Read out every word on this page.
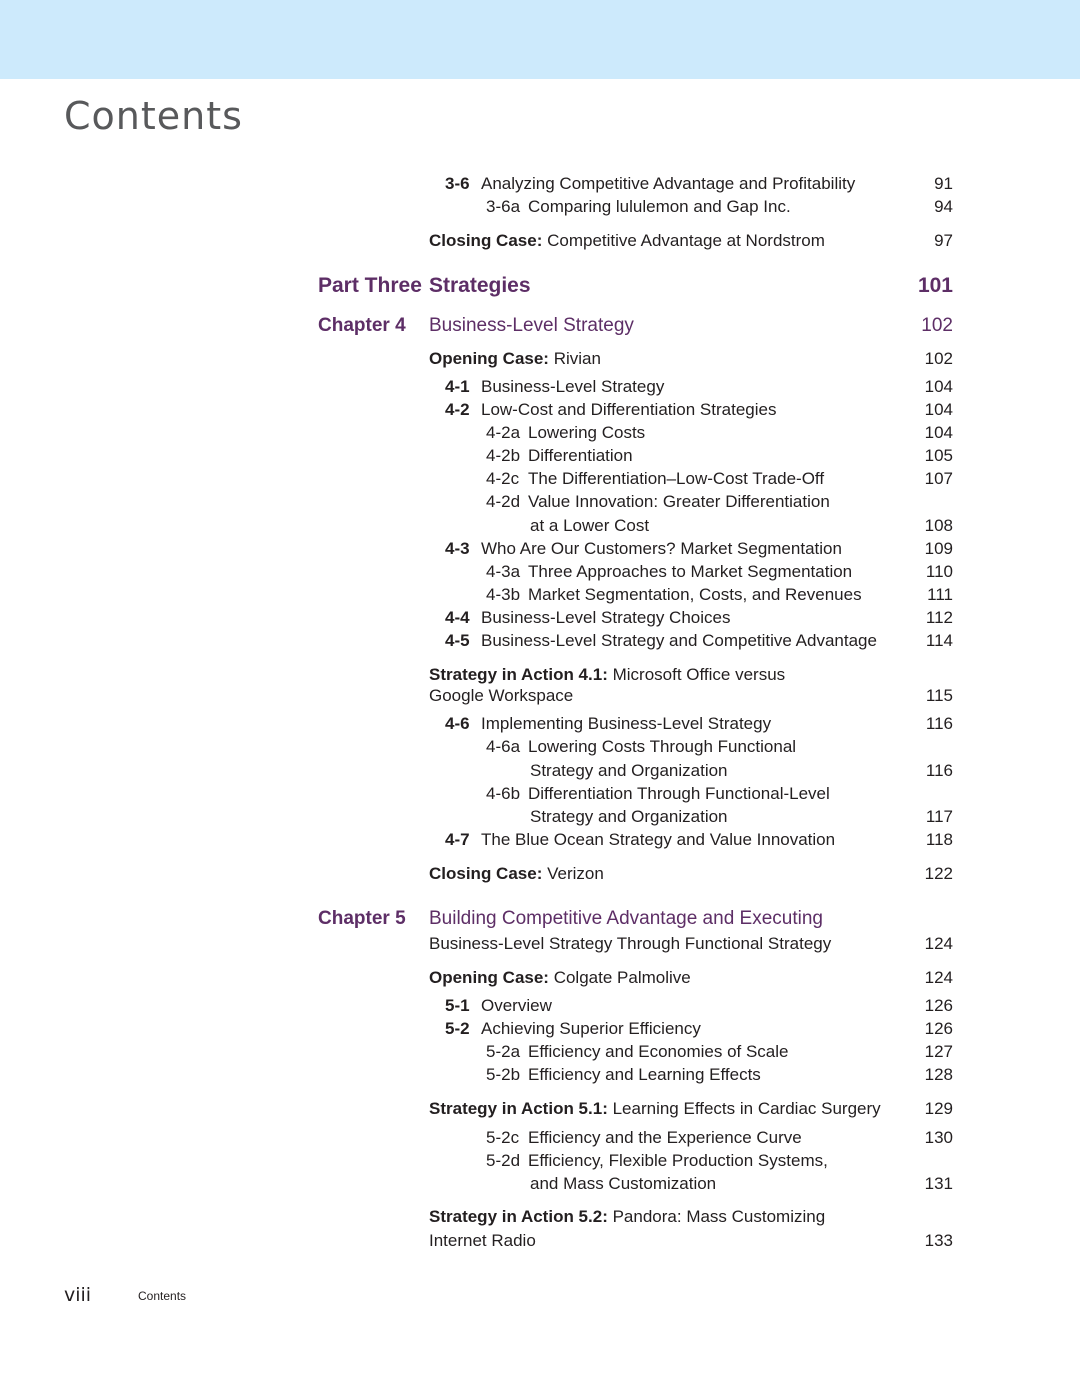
Contents
3-6 Analyzing Competitive Advantage and Profitability	91
3-6a Comparing lululemon and Gap Inc.	94
Closing Case: Competitive Advantage at Nordstrom	97
Part Three Strategies	101
Chapter 4 Business-Level Strategy	102
Opening Case: Rivian	102
4-1 Business-Level Strategy	104
4-2 Low-Cost and Differentiation Strategies	104
4-2a Lowering Costs	104
4-2b Differentiation	105
4-2c The Differentiation–Low-Cost Trade-Off	107
4-2d Value Innovation: Greater Differentiation
at a Lower Cost	108
4-3 Who Are Our Customers? Market Segmentation	109
4-3a Three Approaches to Market Segmentation	110
4-3b Market Segmentation, Costs, and Revenues	111
4-4 Business-Level Strategy Choices	112
4-5 Business-Level Strategy and Competitive Advantage	114
Strategy in Action 4.1: Microsoft Office versus
Google Workspace	115
4-6 Implementing Business-Level Strategy	116
4-6a Lowering Costs Through Functional
Strategy and Organization	116
4-6b Differentiation Through Functional-Level
Strategy and Organization	117
4-7 The Blue Ocean Strategy and Value Innovation	118
Closing Case: Verizon	122
Chapter 5 Building Competitive Advantage and Executing
Business-Level Strategy Through Functional Strategy	124
Opening Case: Colgate Palmolive	124
5-1 Overview	126
5-2 Achieving Superior Efficiency	126
5-2a Efficiency and Economies of Scale	127
5-2b Efficiency and Learning Effects	128
Strategy in Action 5.1: Learning Effects in Cardiac Surgery	129
5-2c Efficiency and the Experience Curve	130
5-2d Efficiency, Flexible Production Systems,
and Mass Customization	131
Strategy in Action 5.2: Pandora: Mass Customizing
Internet Radio	133
viii	Contents
